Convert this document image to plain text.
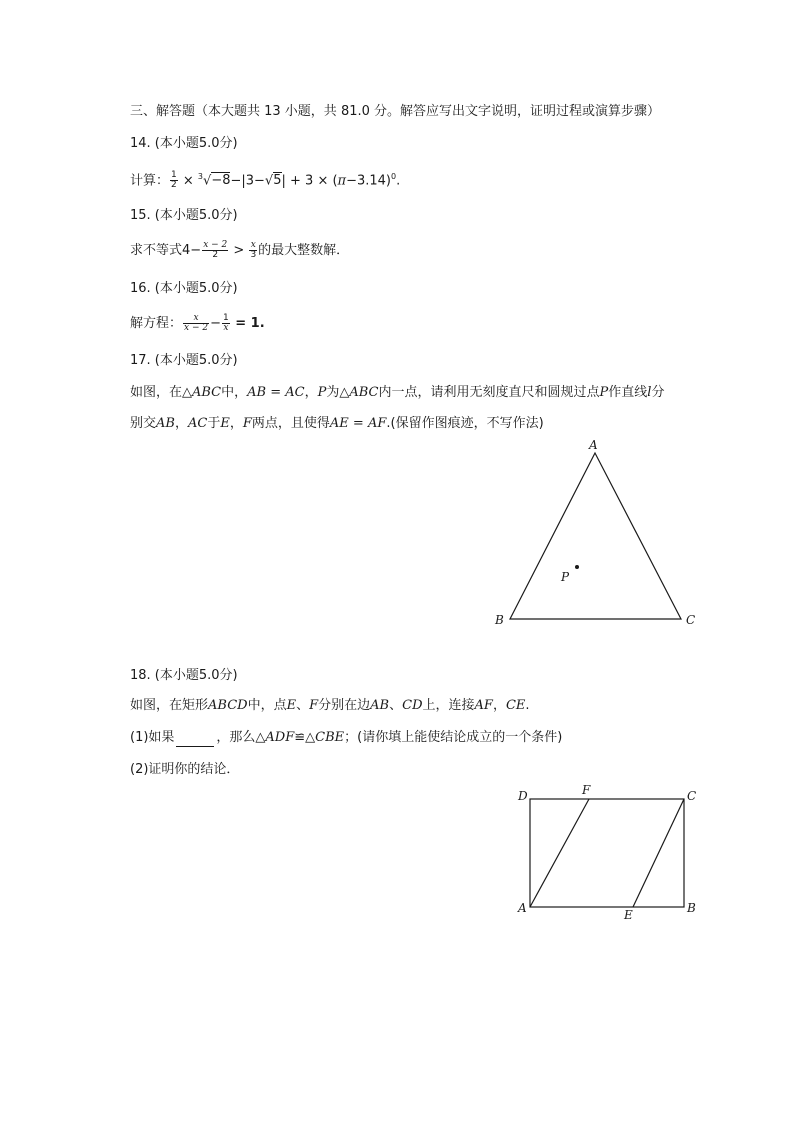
三、解答题（本大题共 13 小题，共 81.0 分。解答应写出文字说明，证明过程或演算步骤）
14. (本小题5.0分)
计算： $\frac{1}{2} \times ^3√-8-|3-√5| + 3 \times (\pi-3.14)^0$.
15. (本小题5.0分)
求不等式$4- \frac{x - 2}{2} > \frac{x}{3}$ 的最大整数解．
16. (本小题5.0分)
解方程： $\frac{x}{x - 2} - \frac{1}{x} = 1$.
17. (本小题5.0分)
如图，在△ABC中，AB = AC，P为△ABC内一点，请利用无刻度直尺和圆规过点P作直线l分
别交AB，AC于E，F两点，且使得AE = AF.(保留作图痕迹，不写作法)
A
B	C
P
18. (本小题5.0分)
如图，在矩形ABCD中，点E、F分别在边AB、CD上，连接AF，CE.
(1)如果	，那么△ADF≌△CBE；(请你填上能使结论成立的一个条件)
(2)证明你的结论．
D	F	C
A	E	B
